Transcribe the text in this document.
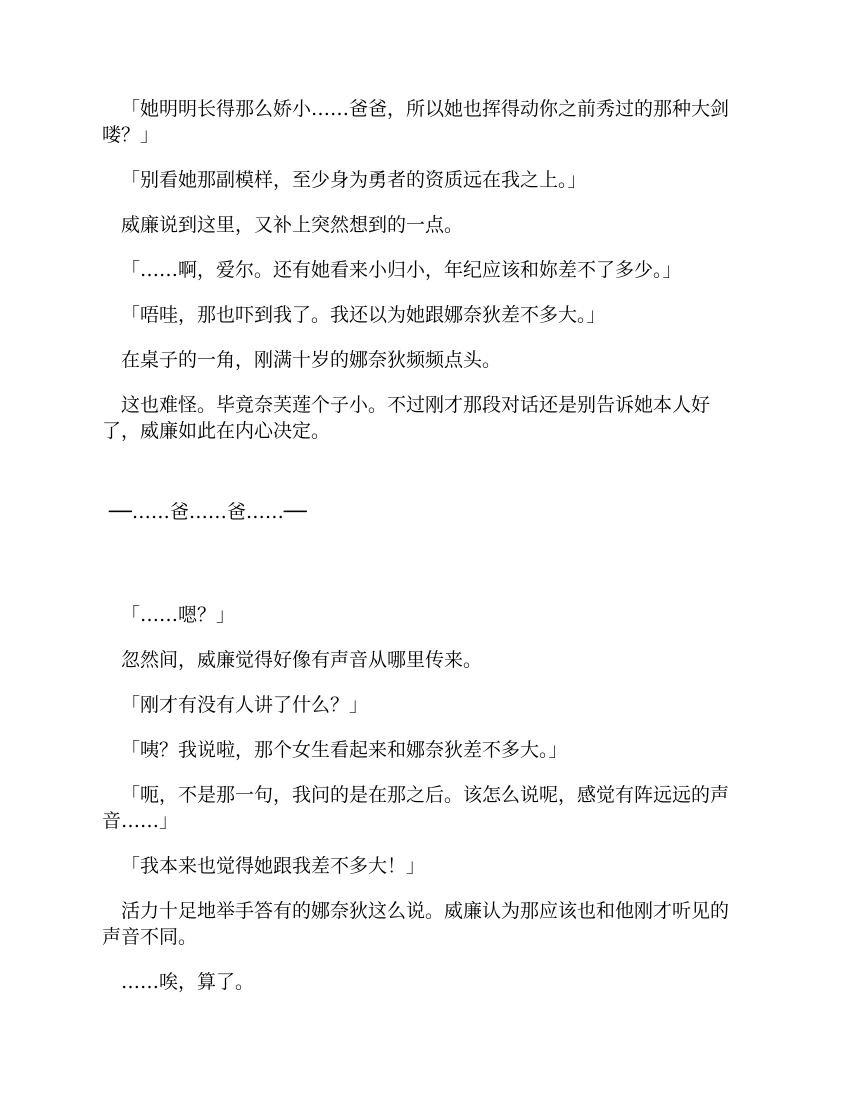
「她明明长得那么娇小……爸爸，所以她也挥得动你之前秀过的那种大剑喽？」

「别看她那副模样，至少身为勇者的资质远在我之上。」

威廉说到这里，又补上突然想到的一点。

「……啊，爱尔。还有她看来小归小，年纪应该和妳差不了多少。」

「唔哇，那也吓到我了。我还以为她跟娜奈狄差不多大。」

在桌子的一角，刚满十岁的娜奈狄频频点头。

这也难怪。毕竟奈芙莲个子小。不过刚才那段对话还是别告诉她本人好了，威廉如此在内心决定。

──……爸……爸……──

「……嗯？」

忽然间，威廉觉得好像有声音从哪里传来。

「刚才有没有人讲了什么？」

「咦？我说啦，那个女生看起来和娜奈狄差不多大。」

「呃，不是那一句，我问的是在那之后。该怎么说呢，感觉有阵远远的声音……」

「我本来也觉得她跟我差不多大！」

活力十足地举手答有的娜奈狄这么说。威廉认为那应该也和他刚才听见的声音不同。

……唉，算了。
